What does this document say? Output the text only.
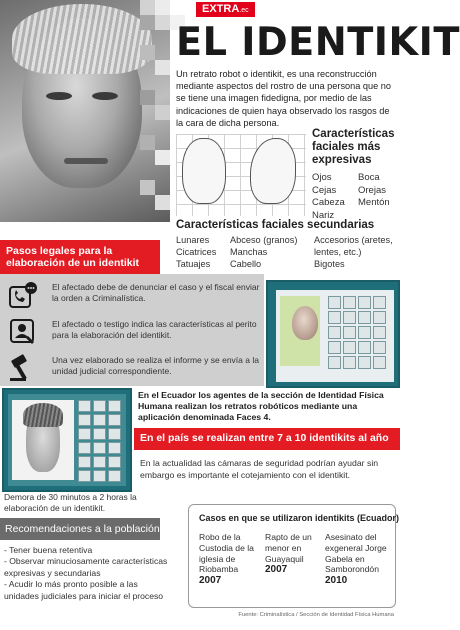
EXTRA.ec
EL IDENTIKIT

Un retrato robot o identikit, es una reconstrucción mediante aspectos del rostro de una persona que no se tiene una imagen fidedigna, por medio de las indicaciones de quien haya observado los rasgos de la cara de dicha persona.

Características faciales más expresivas
Ojos
Cejas
Cabeza
Nariz
Boca
Orejas
Mentón
Características faciales secundarias
Lunares
Cicatrices
Tatuajes
Abceso (granos)
Manchas
Cabello
Accesorios (aretes,
lentes, etc.)
Bigotes
Pasos legales para la elaboración de un identikit
El afectado debe de denunciar el caso y el fiscal enviar la orden a Criminalística.
El afectado o testigo indica las características al perito para la elaboración del identikit.
Una vez elaborado se realiza el informe y se envía a la unidad judicial correspondiente.

En el Ecuador los agentes de la sección de Identidad Física Humana realizan los retratos robóticos mediante una aplicación denominada Faces 4.

En el país se realizan entre 7 a 10 identikits al año

En la actualidad las cámaras de seguridad podrían ayudar sin embargo es importante el cotejamiento con el identikit.

Demora de 30 minutos a 2 horas la elaboración de un identikit.

Recomendaciones a la población
- Tener buena retentiva
- Observar minuciosamente características expresivas y secundarias
- Acudir lo más pronto posible a las unidades judiciales para iniciar el proceso
Casos en que se utilizaron identikits (Ecuador)
Robo de la Custodia de la iglesia de Riobamba
2007
Rapto de un menor en Guayaquil
2007
Asesinato del exgeneral Jorge Gabela en Samborondón
2010
Fuente: Criminalística / Sección de Identidad Física Humana
